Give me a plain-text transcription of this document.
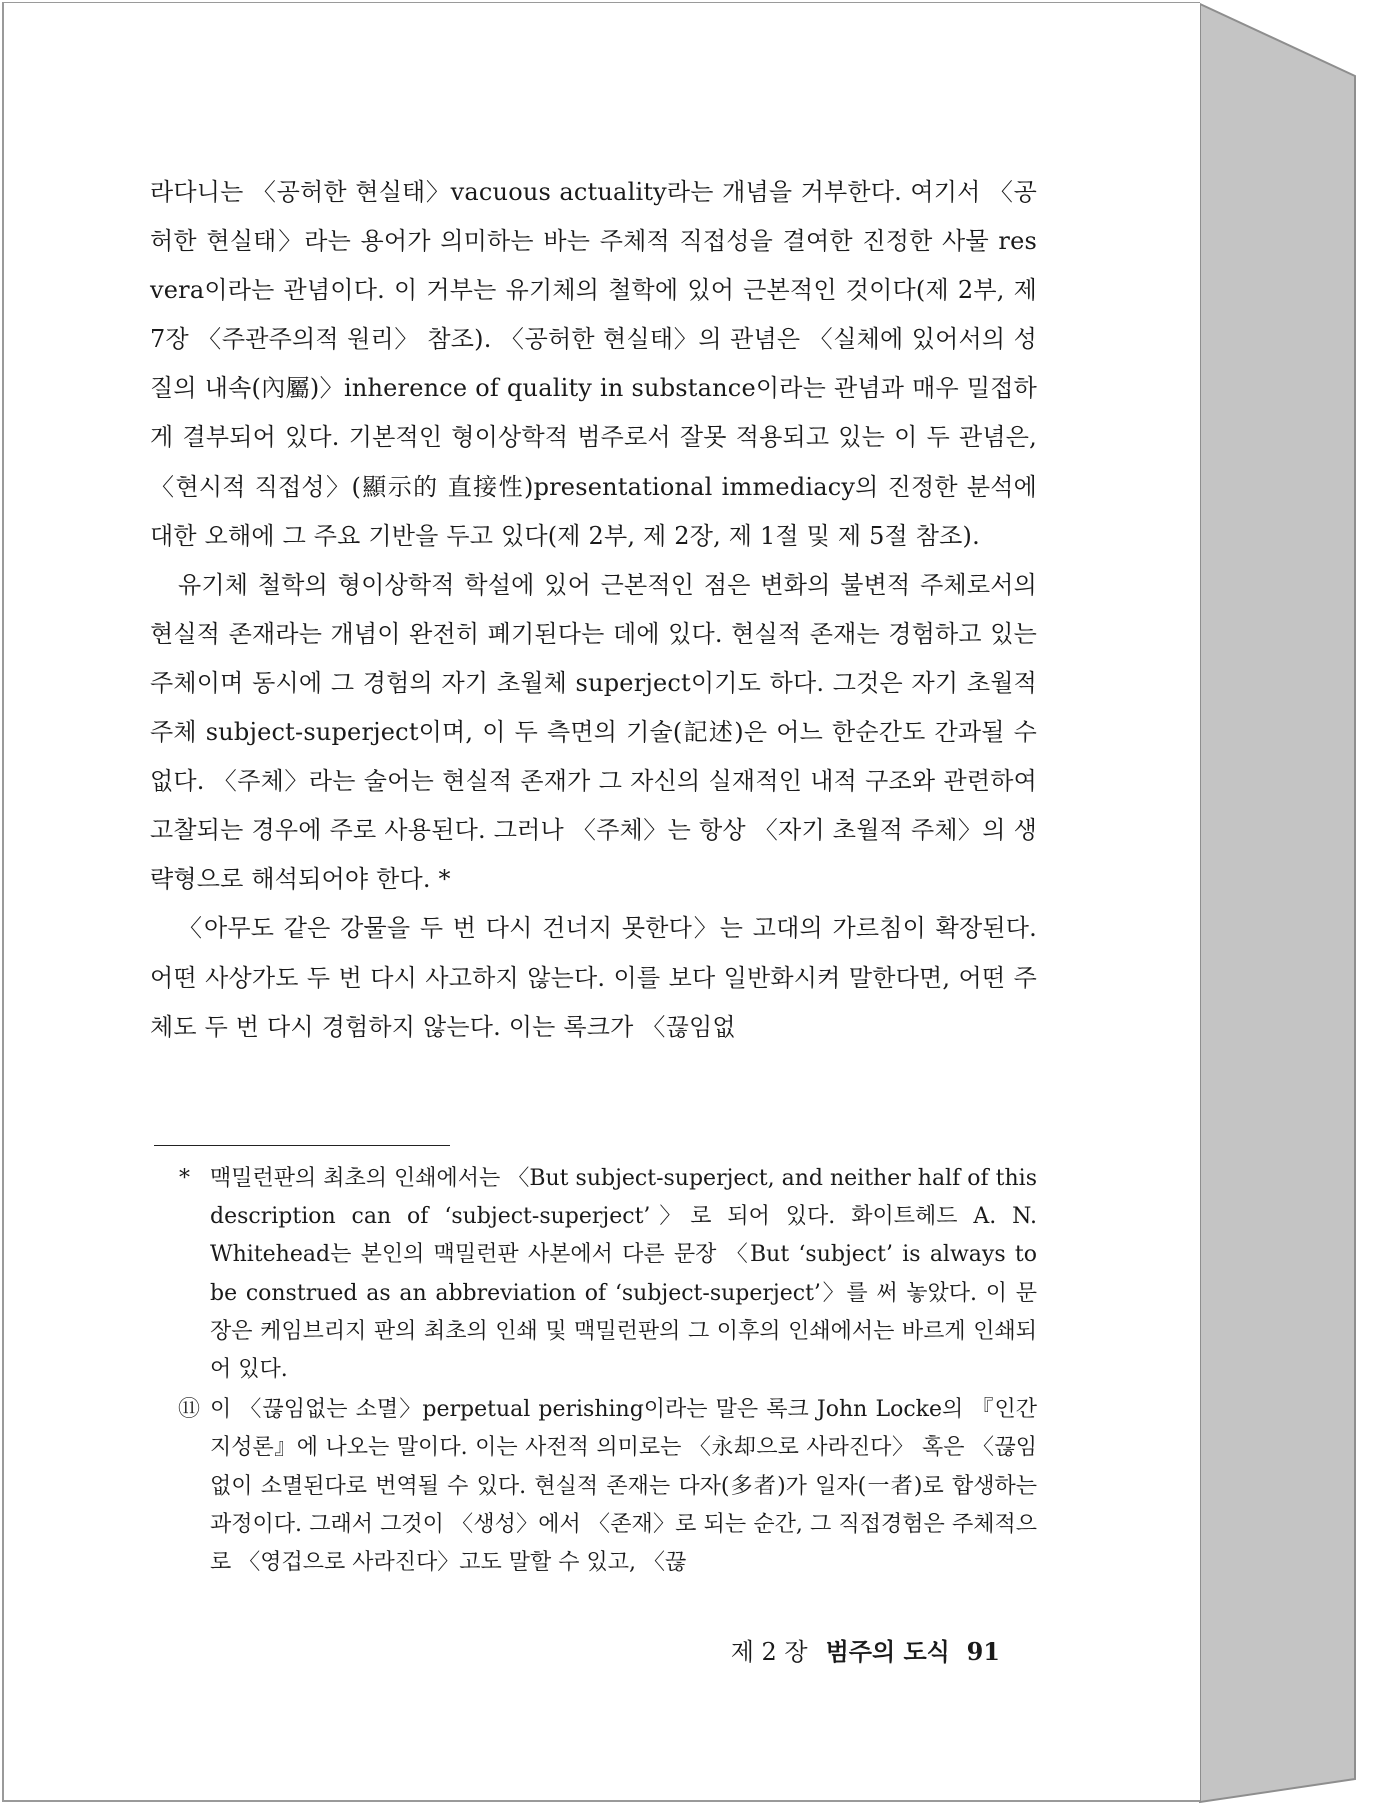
라다니는 〈공허한 현실태〉vacuous actuality라는 개념을 거부한다. 여기서 〈공허한 현실태〉라는 용어가 의미하는 바는 주체적 직접성을 결여한 진정한 사물 res vera이라는 관념이다. 이 거부는 유기체의 철학에 있어 근본적인 것이다(제 2부, 제 7장 〈주관주의적 원리〉 참조). 〈공허한 현실태〉의 관념은 〈실체에 있어서의 성질의 내속(內屬)〉inherence of quality in substance이라는 관념과 매우 밀접하게 결부되어 있다. 기본적인 형이상학적 범주로서 잘못 적용되고 있는 이 두 관념은, 〈현시적 직접성〉(顯示的 直接性)presentational immediacy의 진정한 분석에 대한 오해에 그 주요 기반을 두고 있다(제 2부, 제 2장, 제 1절 및 제 5절 참조).

유기체 철학의 형이상학적 학설에 있어 근본적인 점은 변화의 불변적 주체로서의 현실적 존재라는 개념이 완전히 폐기된다는 데에 있다. 현실적 존재는 경험하고 있는 주체이며 동시에 그 경험의 자기 초월체 superject이기도 하다. 그것은 자기 초월적 주체 subject-superject이며, 이 두 측면의 기술(記述)은 어느 한순간도 간과될 수 없다. 〈주체〉라는 술어는 현실적 존재가 그 자신의 실재적인 내적 구조와 관련하여 고찰되는 경우에 주로 사용된다. 그러나 〈주체〉는 항상 〈자기 초월적 주체〉의 생략형으로 해석되어야 한다. *

〈아무도 같은 강물을 두 번 다시 건너지 못한다〉는 고대의 가르침이 확장된다. 어떤 사상가도 두 번 다시 사고하지 않는다. 이를 보다 일반화시켜 말한다면, 어떤 주체도 두 번 다시 경험하지 않는다. 이는 록크가 〈끊임없

* 맥밀런판의 최초의 인쇄에서는 〈But subject-superject, and neither half of this description can of ‘subject-superject’〉로 되어 있다. 화이트헤드 A. N. Whitehead는 본인의 맥밀런판 사본에서 다른 문장 〈But ‘subject’ is always to be construed as an abbreviation of ‘subject-superject’〉를 써 놓았다. 이 문장은 케임브리지 판의 최초의 인쇄 및 맥밀런판의 그 이후의 인쇄에서는 바르게 인쇄되어 있다.

⑪ 이 〈끊임없는 소멸〉perpetual perishing이라는 말은 록크 John Locke의 『인간지성론』에 나오는 말이다. 이는 사전적 의미로는 〈永却으로 사라진다〉 혹은 〈끊임없이 소멸된다로 번역될 수 있다. 현실적 존재는 다자(多者)가 일자(一者)로 합생하는 과정이다. 그래서 그것이 〈생성〉에서 〈존재〉로 되는 순간, 그 직접경험은 주체적으로 〈영겁으로 사라진다〉고도 말할 수 있고, 〈끊

제 2 장 범주의 도식 91
